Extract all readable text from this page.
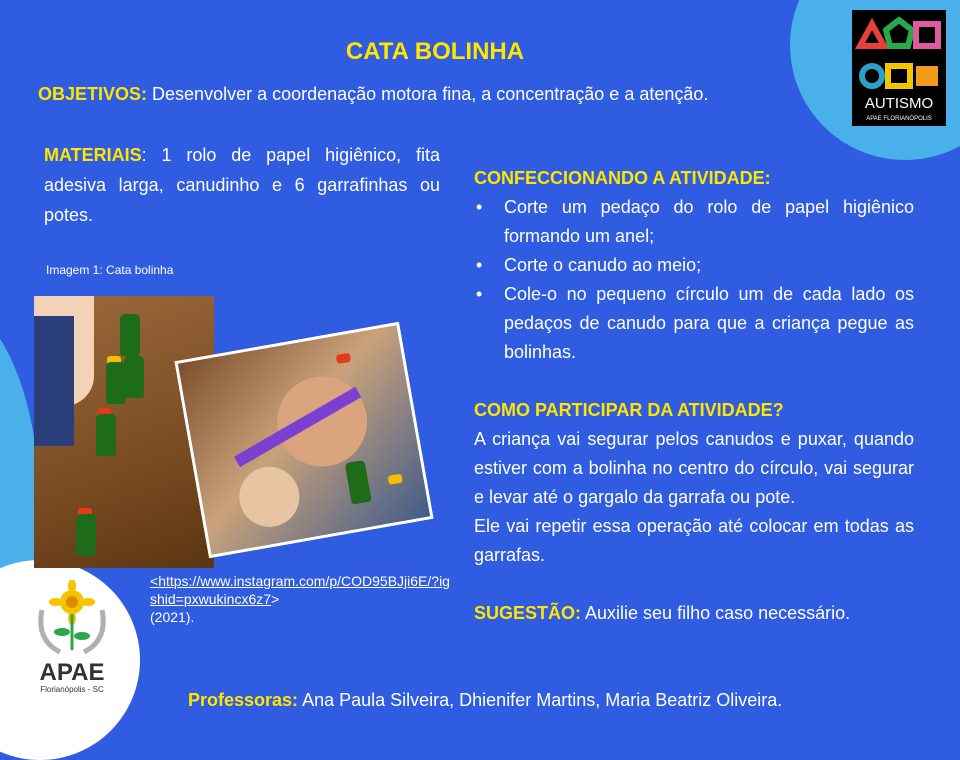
CATA BOLINHA
OBJETIVOS: Desenvolver a coordenação motora fina, a concentração e a atenção.
MATERIAIS: 1 rolo de papel higiênico, fita adesiva larga, canudinho e 6 garrafinhas ou potes.
Imagem 1: Cata bolinha
<https://www.instagram.com/p/COD95BJji6E/?igshid=pxwukincx6z7>
(2021).

CONFECCIONANDO A ATIVIDADE:

• Corte um pedaço do rolo de papel higiênico formando um anel;
• Corte o canudo ao meio;
• Cole-o no pequeno círculo um de cada lado os pedaços de canudo para que a criança pegue as bolinhas.

COMO PARTICIPAR DA ATIVIDADE?

A criança vai segurar pelos canudos e puxar, quando estiver com a bolinha no centro do círculo, vai segurar e levar até o gargalo da garrafa ou pote.

Ele vai repetir essa operação até colocar em todas as garrafas.

SUGESTÃO: Auxilie seu filho caso necessário.

Professoras: Ana Paula Silveira, Dhienifer Martins, Maria Beatriz Oliveira.
AUTISMO
APAE FLORIANÓPOLIS
APAE
Florianópolis - SC
